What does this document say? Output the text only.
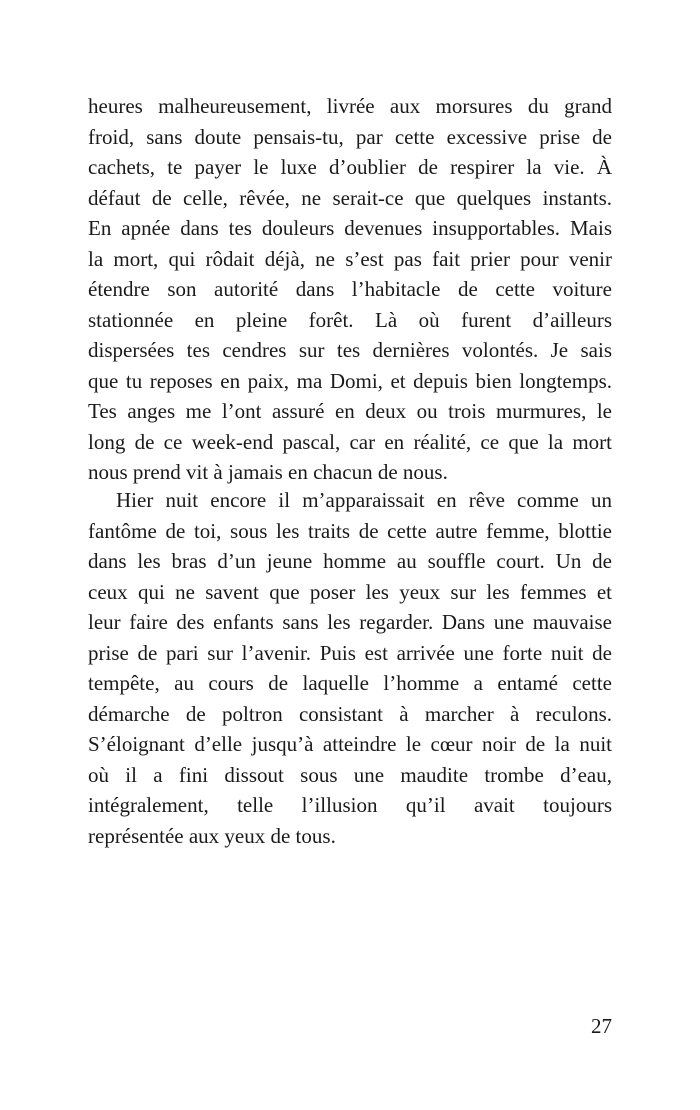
heures malheureusement, livrée aux morsures du grand
froid, sans doute pensais-tu, par cette excessive prise de
cachets, te payer le luxe d’oublier de respirer la vie. À
défaut de celle, rêvée, ne serait-ce que quelques instants.
En apnée dans tes douleurs devenues insupportables. Mais
la mort, qui rôdait déjà, ne s’est pas fait prier pour venir
étendre son autorité dans l’habitacle de cette voiture
stationnée en pleine forêt. Là où furent d’ailleurs
dispersées tes cendres sur tes dernières volontés. Je sais
que tu reposes en paix, ma Domi, et depuis bien longtemps.
Tes anges me l’ont assuré en deux ou trois murmures, le
long de ce week-end pascal, car en réalité, ce que la mort
nous prend vit à jamais en chacun de nous.
Hier nuit encore il m’apparaissait en rêve comme un
fantôme de toi, sous les traits de cette autre femme, blottie
dans les bras d’un jeune homme au souffle court. Un de
ceux qui ne savent que poser les yeux sur les femmes et
leur faire des enfants sans les regarder. Dans une mauvaise
prise de pari sur l’avenir. Puis est arrivée une forte nuit de
tempête, au cours de laquelle l’homme a entamé cette
démarche de poltron consistant à marcher à reculons.
S’éloignant d’elle jusqu’à atteindre le cœur noir de la nuit
où il a fini dissout sous une maudite trombe d’eau,
intégralement, telle l’illusion qu’il avait toujours
représentée aux yeux de tous.
27
